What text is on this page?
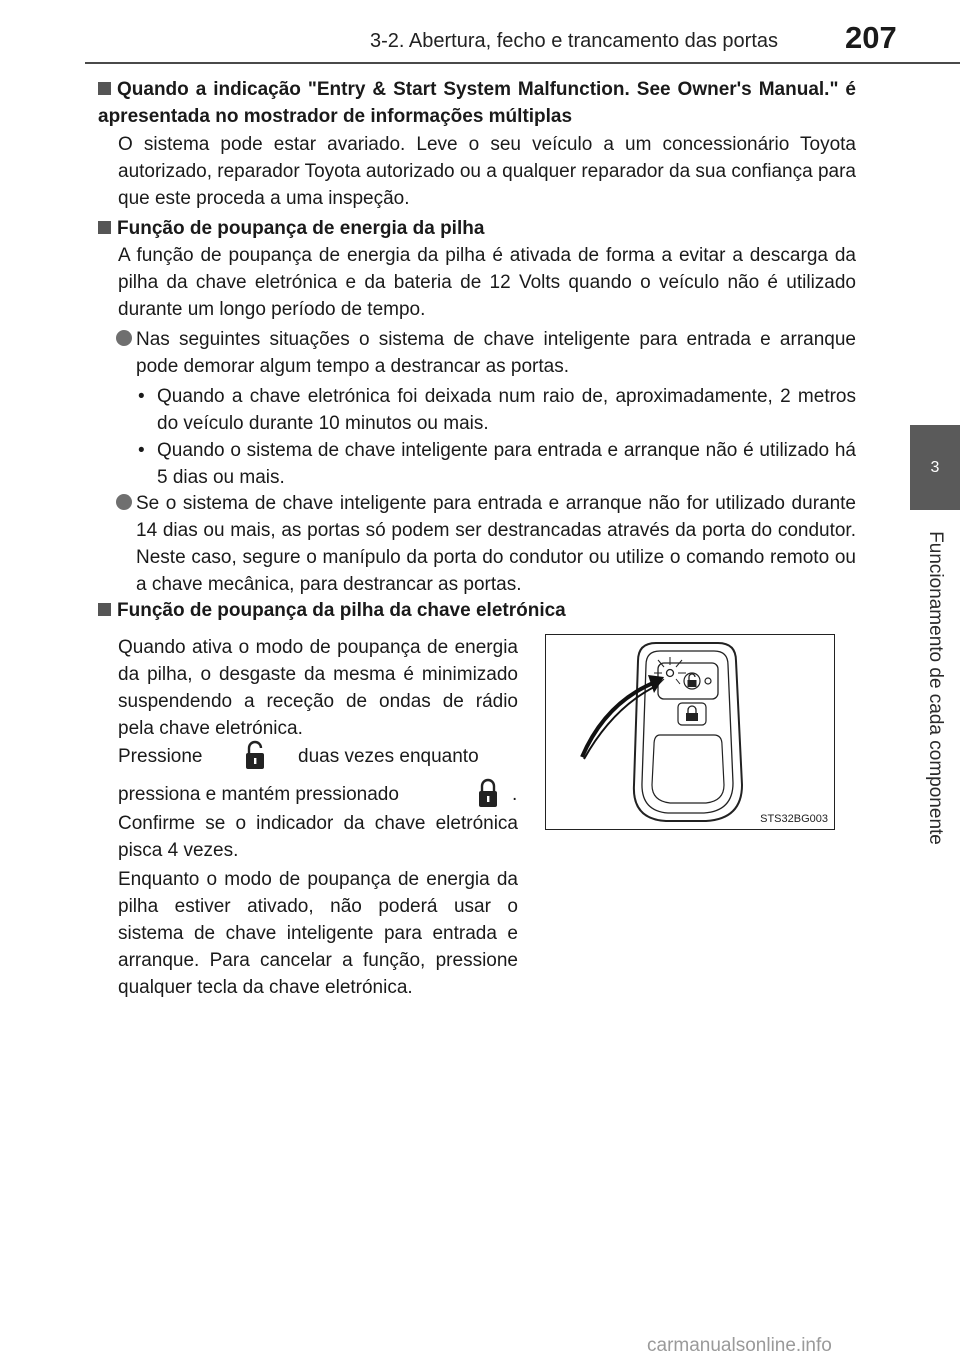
3-2. Abertura, fecho e trancamento das portas 207
3
Funcionamento de cada componente
Quando a indicação "Entry & Start System Malfunction. See Owner's Manual." é apresentada no mostrador de informações múltiplas
O sistema pode estar avariado. Leve o seu veículo a um concessionário Toyota autorizado, reparador Toyota autorizado ou a qualquer reparador da sua confiança para que este proceda a uma inspeção.
Função de poupança de energia da pilha
A função de poupança de energia da pilha é ativada de forma a evitar a descarga da pilha da chave eletrónica e da bateria de 12 Volts quando o veículo não é utilizado durante um longo período de tempo.
Nas seguintes situações o sistema de chave inteligente para entrada e arranque pode demorar algum tempo a destrancar as portas.
• Quando a chave eletrónica foi deixada num raio de, aproximadamente, 2 metros do veículo durante 10 minutos ou mais.
• Quando o sistema de chave inteligente para entrada e arranque não é utilizado há 5 dias ou mais.
Se o sistema de chave inteligente para entrada e arranque não for utilizado durante 14 dias ou mais, as portas só podem ser destrancadas através da porta do condutor. Neste caso, segure o manípulo da porta do condutor ou utilize o comando remoto ou a chave mecânica, para destrancar as portas.
Função de poupança da pilha da chave eletrónica
Quando ativa o modo de poupança de energia da pilha, o desgaste da mesma é minimizado suspendendo a receção de ondas de rádio pela chave eletrónica.
Pressione	duas vezes enquanto
pressiona e mantém pressionado	.
Confirme se o indicador da chave eletrónica pisca 4 vezes.
Enquanto o modo de poupança de energia da pilha estiver ativado, não poderá usar o sistema de chave inteligente para entrada e arranque. Para cancelar a função, pressione qualquer tecla da chave eletrónica.
STS32BG003
carmanualsonline.info
